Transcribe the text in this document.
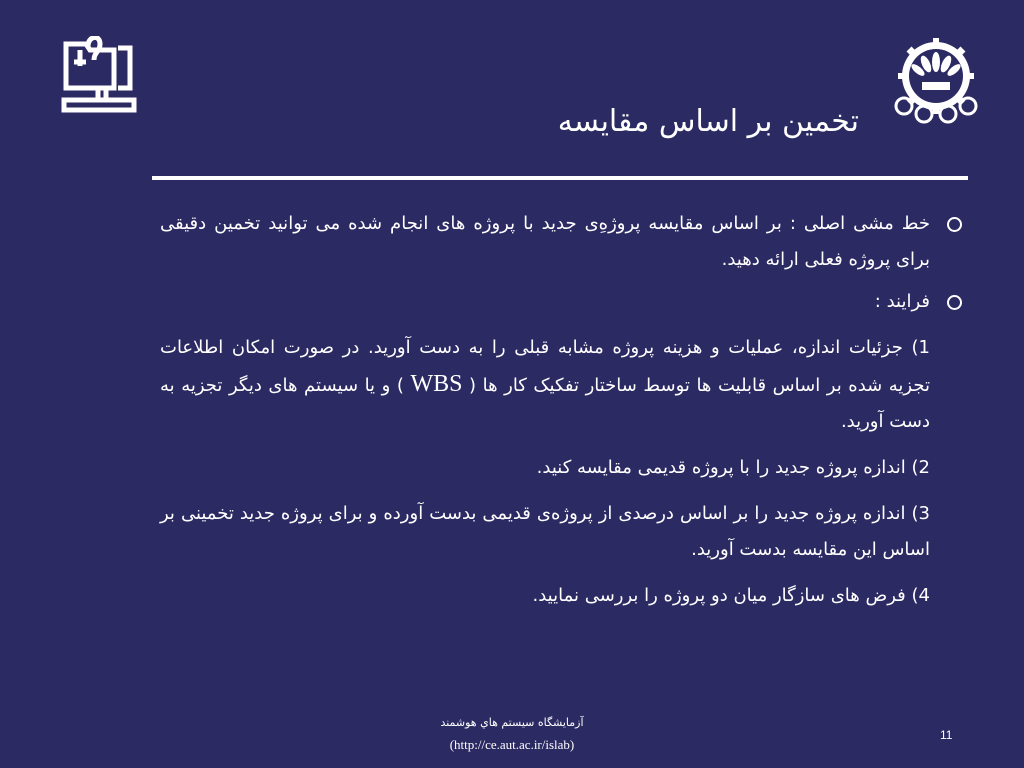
تخمین بر اساس مقایسه
خط مشی اصلی : بر اساس مقایسه پروژه‌ِی جدید با پروژه های انجام شده می توانید تخمین دقیقی برای پروژه فعلی ارائه دهید.
فرایند :
1) جزئیات اندازه، عملیات و هزینه پروژه مشابه قبلی را به دست آورید. در صورت امکان اطلاعات تجزیه شده بر اساس قابلیت ها توسط ساختار تفکیک کار ها ( WBS ) و یا سیستم های دیگر تجزیه به دست آورید.
2) اندازه پروژه جدید را با پروژه قدیمی مقایسه کنید.
3) اندازه پروژه جدید را بر اساس درصدی از پروژه‌ی قدیمی بدست آورده و برای پروژه جدید تخمینی بر اساس این مقایسه بدست آورید.
4) فرض های سازگار میان دو پروژه را بررسی نمایید.
آزمايشگاه سيستم هاي هوشمند
(http://ce.aut.ac.ir/islab)
11
